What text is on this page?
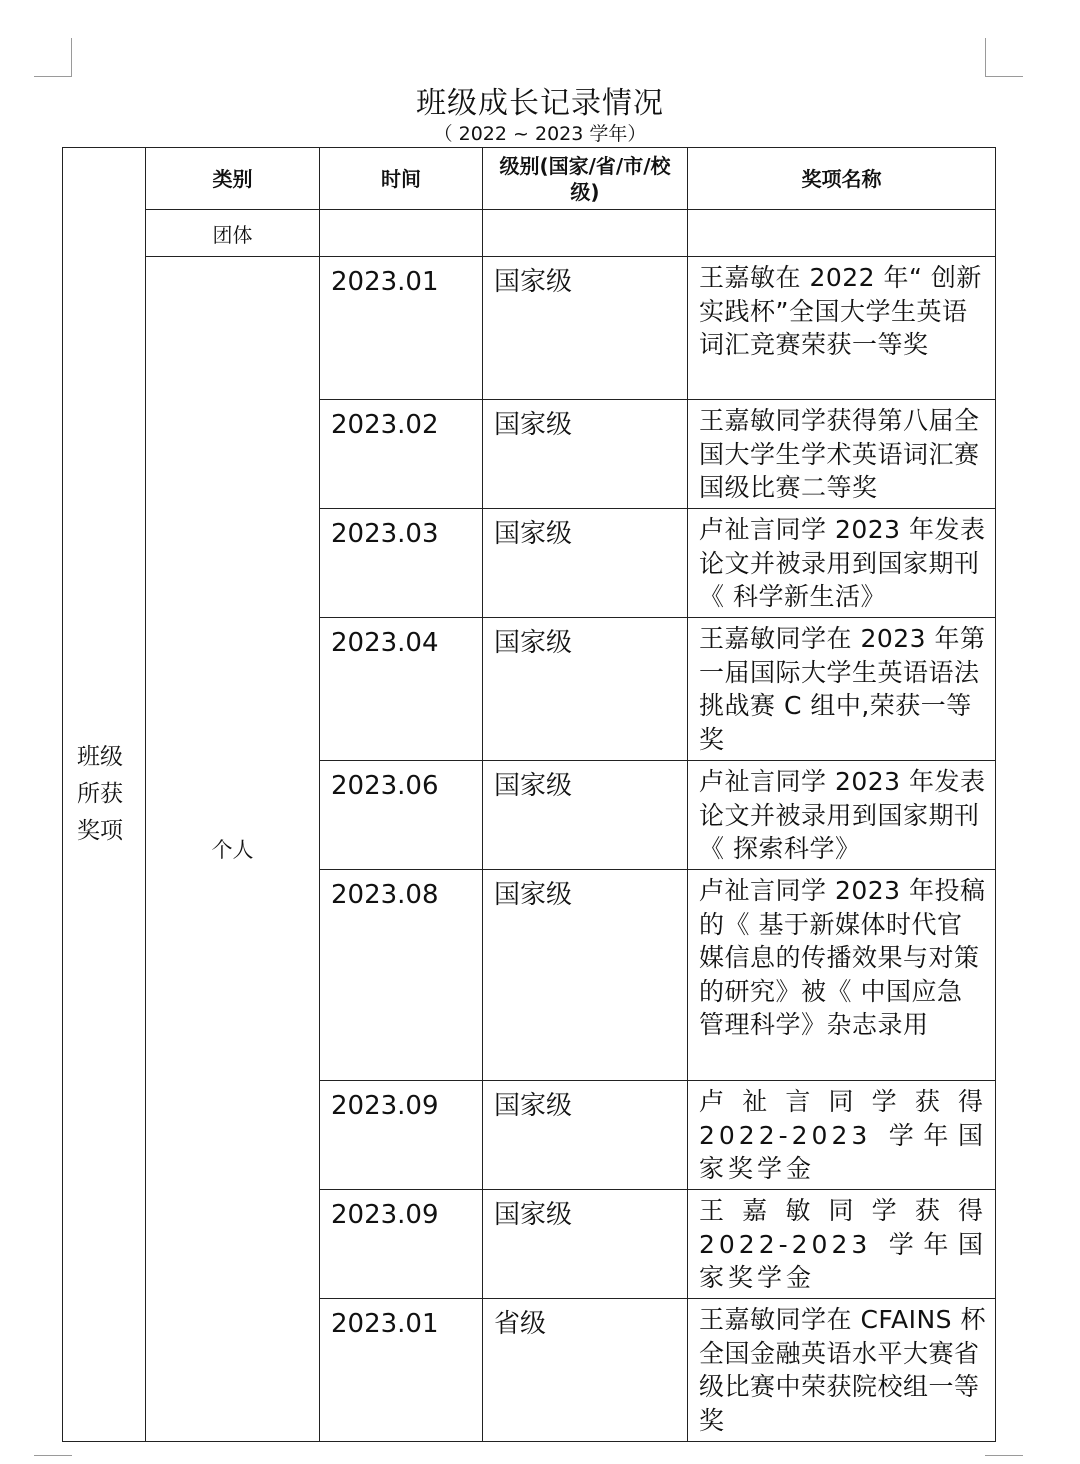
班级成长记录情况
（ 2022 ~ 2023 学年）
班级
所获
奖项	类别	时间	级别(国家/省/市/校级)	奖项名称
	团体			
	个人	2023.01	国家级	王嘉敏在 2022 年“ 创新实践杯”全国大学生英语词汇竞赛荣获一等奖
		2023.02	国家级	王嘉敏同学获得第八届全国大学生学术英语词汇赛国级比赛二等奖
		2023.03	国家级	卢祉言同学 2023 年发表论文并被录用到国家期刊《 科学新生活》
		2023.04	国家级	王嘉敏同学在 2023 年第一届国际大学生英语语法挑战赛 C 组中,荣获一等奖
		2023.06	国家级	卢祉言同学 2023 年发表论文并被录用到国家期刊《 探索科学》
		2023.08	国家级	卢祉言同学 2023 年投稿的《 基于新媒体时代官媒信息的传播效果与对策的研究》被《 中国应急管理科学》杂志录用
		2023.09	国家级	卢祉言同学获得 2022-2023 学年国家奖学金
		2023.09	国家级	王嘉敏同学获得 2022-2023 学年国家奖学金
		2023.01	省级	王嘉敏同学在 CFAINS 杯全国金融英语水平大赛省级比赛中荣获院校组一等奖
